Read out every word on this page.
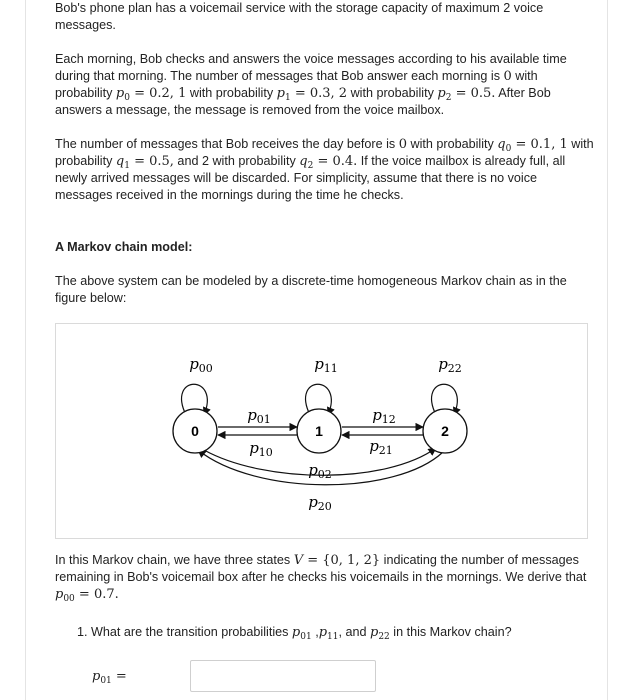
Bob's phone plan has a voicemail service with the storage capacity of maximum 2 voice messages.

Each morning, Bob checks and answers the voice messages according to his available time during that morning. The number of messages that Bob answer each morning is 0 with probability $p_0 = 0.2$, 1 with probability $p_1 = 0.3$, 2 with probability $p_2 = 0.5$. After Bob answers a message, the message is removed from the voice mailbox.

The number of messages that Bob receives the day before is 0 with probability $q_0 = 0.1$, 1 with probability $q_1 = 0.5$, and 2 with probability $q_2 = 0.4$. If the voice mailbox is already full, all newly arrived messages will be discarded. For simplicity, assume that there is no voice messages received in the mornings during the time he checks.

A Markov chain model:

The above system can be modeled by a discrete-time homogeneous Markov chain as in the figure below:

0	1	2
$p_{00}$	$p_{11}$	$p_{22}$
$p_{01}$
$p_{10}$
$p_{12}$
$p_{21}$
$p_{02}$
$p_{20}$

In this Markov chain, we have three states V = {0, 1, 2} indicating the number of messages remaining in Bob's voicemail box after he checks his voicemails in the mornings. We derive that $p_{00} = 0.7$.

1. What are the transition probabilities $p_{01}$ $,p_{11}$, and $p_{22}$ in this Markov chain?

$p_{01}$ =
